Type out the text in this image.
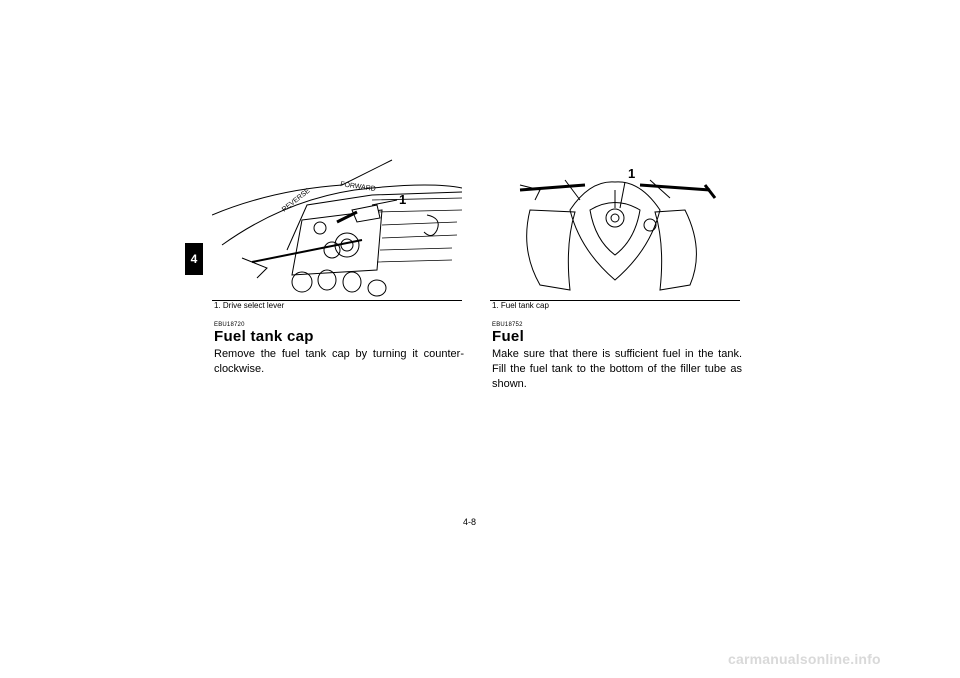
4
REVERSE
FORWARD
1
1. Drive select lever
EBU18720
Fuel tank cap
Remove the fuel tank cap by turning it counter-clockwise.
1
1. Fuel tank cap
EBU18752
Fuel
Make sure that there is sufficient fuel in the tank. Fill the fuel tank to the bottom of the filler tube as shown.
4-8
carmanualsonline.info
